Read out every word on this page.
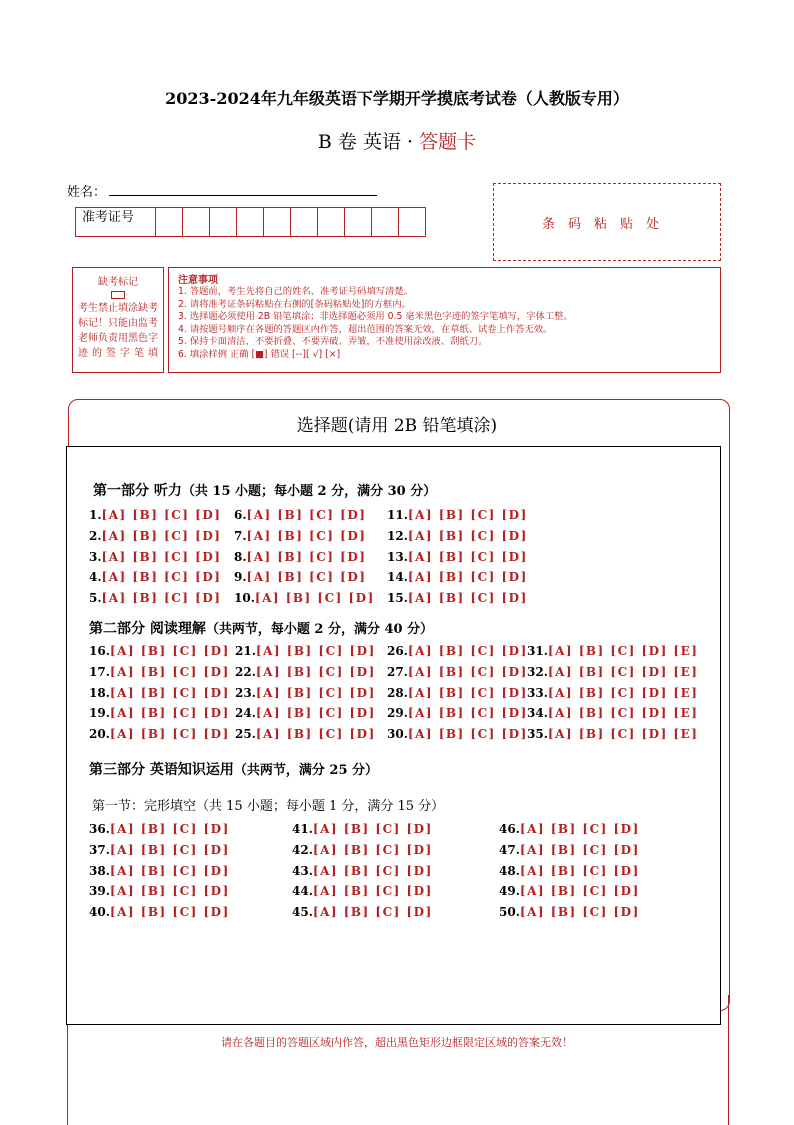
2023-2024年九年级英语下学期开学摸底考试卷（人教版专用）
B 卷 英语 · 答题卡
姓名：
准考证号	条码粘贴处
缺考标记
考生禁止填涂缺考标记！只能由监考老师负责用黑色字迹的签字笔填
注意事项
1. 答题前，考生先将自己的姓名、准考证号码填写清楚。
2. 请将准考证条码粘贴在右侧的[条码粘贴处]的方框内。
3. 选择题必须使用 2B 铅笔填涂；非选择题必须用 0.5 毫米黑色字迹的签字笔填写，字体工整。
4. 请按题号顺序在各题的答题区内作答，超出范围的答案无效，在草纸、试卷上作答无效。
5. 保持卡面清洁，不要折叠、不要弄破、弄皱，不准使用涂改液、刮纸刀。
6. 填涂样例 正确 [■] 错误 [--][ √] [×]
选择题(请用 2B 铅笔填涂)
第一部分 听力（共 15 小题；每小题 2 分，满分 30 分）
1.[A] [B] [C] [D]
2.[A] [B] [C] [D]
3.[A] [B] [C] [D]
4.[A] [B] [C] [D]
5.[A] [B] [C] [D]
6.[A] [B] [C] [D]
7.[A] [B] [C] [D]
8.[A] [B] [C] [D]
9.[A] [B] [C] [D]
10.[A] [B] [C] [D]
11.[A] [B] [C] [D]
12.[A] [B] [C] [D]
13.[A] [B] [C] [D]
14.[A] [B] [C] [D]
15.[A] [B] [C] [D]
第二部分 阅读理解（共两节，每小题 2 分，满分 40 分）
16.[A] [B] [C] [D]
17.[A] [B] [C] [D]
18.[A] [B] [C] [D]
19.[A] [B] [C] [D]
20.[A] [B] [C] [D]
21.[A] [B] [C] [D]
22.[A] [B] [C] [D]
23.[A] [B] [C] [D]
24.[A] [B] [C] [D]
25.[A] [B] [C] [D]
26.[A] [B] [C] [D]
27.[A] [B] [C] [D]
28.[A] [B] [C] [D]
29.[A] [B] [C] [D]
30.[A] [B] [C] [D]
31.[A] [B] [C] [D] [E]
32.[A] [B] [C] [D] [E]
33.[A] [B] [C] [D] [E]
34.[A] [B] [C] [D] [E]
35.[A] [B] [C] [D] [E]
第三部分 英语知识运用（共两节，满分 25 分）
第一节：完形填空（共 15 小题；每小题 1 分，满分 15 分）
36.[A] [B] [C] [D]
37.[A] [B] [C] [D]
38.[A] [B] [C] [D]
39.[A] [B] [C] [D]
40.[A] [B] [C] [D]
41.[A] [B] [C] [D]
42.[A] [B] [C] [D]
43.[A] [B] [C] [D]
44.[A] [B] [C] [D]
45.[A] [B] [C] [D]
46.[A] [B] [C] [D]
47.[A] [B] [C] [D]
48.[A] [B] [C] [D]
49.[A] [B] [C] [D]
50.[A] [B] [C] [D]
请在各题目的答题区域内作答，超出黑色矩形边框限定区域的答案无效！
